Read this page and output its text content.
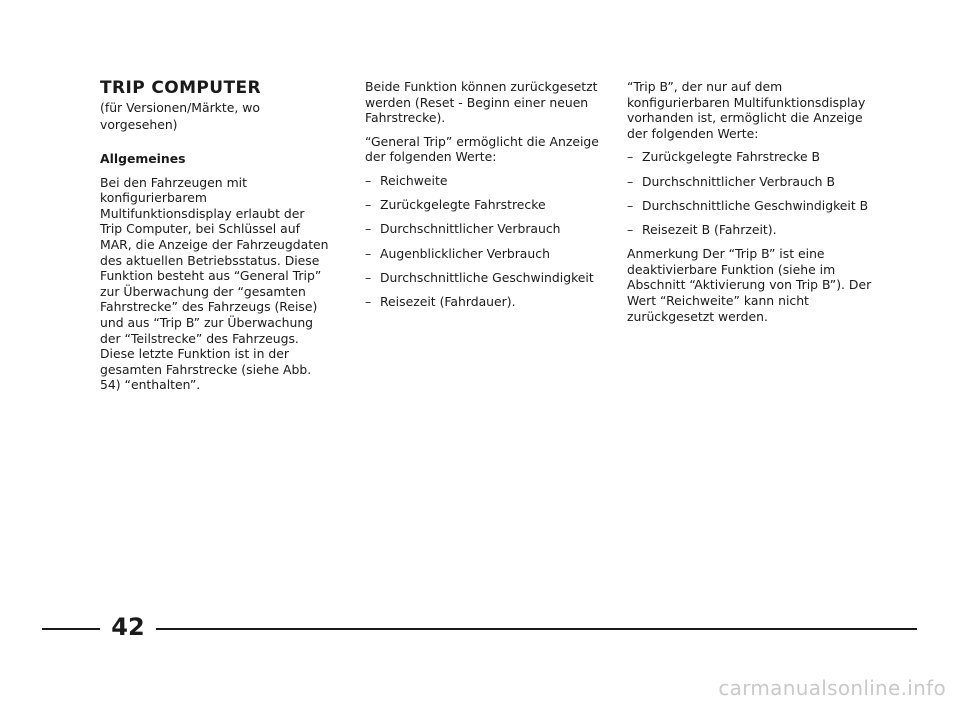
TRIP COMPUTER

(für Versionen/Märkte, wo vorgesehen)

Allgemeines

Bei den Fahrzeugen mit konfigurierbarem Multifunktionsdisplay erlaubt der Trip Computer, bei Schlüssel auf MAR, die Anzeige der Fahrzeugdaten des aktuellen Betriebsstatus. Diese Funktion besteht aus “General Trip” zur Überwachung der “gesamten Fahrstrecke” des Fahrzeugs (Reise) und aus “Trip B” zur Überwachung der “Teilstrecke” des Fahrzeugs. Diese letzte Funktion ist in der gesamten Fahrstrecke (siehe Abb. 54) “enthalten”.

Beide Funktion können zurückgesetzt werden (Reset - Beginn einer neuen Fahrstrecke).

“General Trip” ermöglicht die Anzeige der folgenden Werte:

– Reichweite
– Zurückgelegte Fahrstrecke
– Durchschnittlicher Verbrauch
– Augenblicklicher Verbrauch
– Durchschnittliche Geschwindigkeit
– Reisezeit (Fahrdauer).

“Trip B”, der nur auf dem konfigurierbaren Multifunktionsdisplay vorhanden ist, ermöglicht die Anzeige der folgenden Werte:

– Zurückgelegte Fahrstrecke B
– Durchschnittlicher Verbrauch B
– Durchschnittliche Geschwindigkeit B
– Reisezeit B (Fahrzeit).

Anmerkung Der “Trip B” ist eine deaktivierbare Funktion (siehe im Abschnitt “Aktivierung von Trip B”). Der Wert “Reichweite” kann nicht zurückgesetzt werden.

42
carmanualsonline.info
